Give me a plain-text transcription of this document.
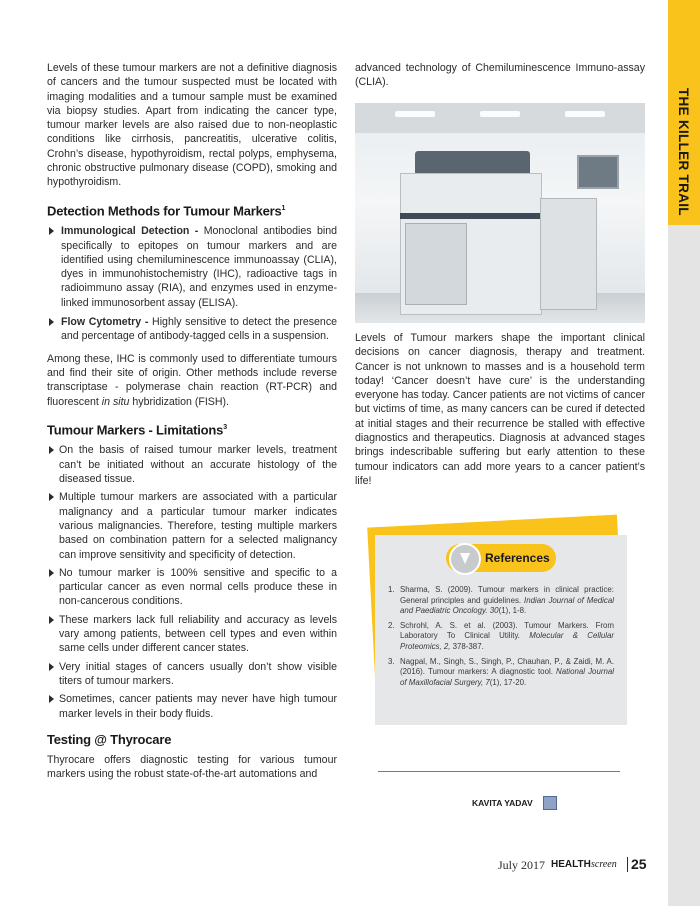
THE KILLER TRAIL

Levels of these tumour markers are not a definitive diagnosis of cancers and the tumour suspected must be located with imaging modalities and a tumour sample must be examined via biopsy studies. Apart from indicating the cancer type, tumour marker levels are also raised due to non-neoplastic conditions like cirrhosis, pancreatitis, ulcerative colitis, Crohn’s disease, hypothyroidism, rectal polyps, emphysema, chronic obstructive pulmonary disease (COPD), smoking and hypothyroidism.

Detection Methods for Tumour Markers$^1$
Immunological Detection - Monoclonal antibodies bind specifically to epitopes on tumour markers and are identified using chemiluminescence immunoassay (CLIA), dyes in immunohistochemistry (IHC), radioactive tags in radioimmuno assay (RIA), and enzymes used in enzyme-linked immunosorbent assay (ELISA).
Flow Cytometry - Highly sensitive to detect the presence and percentage of antibody-tagged cells in a suspension.

Among these, IHC is commonly used to differentiate tumours and find their site of origin. Other methods include reverse transcriptase - polymerase chain reaction (RT-PCR) and fluorescent in situ hybridization (FISH).

Tumour Markers - Limitations$^3$
On the basis of raised tumour marker levels, treatment can’t be initiated without an accurate histology of the diseased tissue.
Multiple tumour markers are associated with a particular malignancy and a particular tumour marker indicates various malignancies. Therefore, testing multiple markers based on combination pattern for a selected malignancy can improve sensitivity and specificity of detection.
No tumour marker is 100% sensitive and specific to a particular cancer as even normal cells produce these in non-cancerous conditions.
These markers lack full reliability and accuracy as levels vary among patients, between cell types and even within same cells under different cancer states.
Very initial stages of cancers usually don’t show visible titers of tumour markers.
Sometimes, cancer patients may never have high tumour marker levels in their body fluids.
Testing @ Thyrocare

Thyrocare offers diagnostic testing for various tumour markers using the robust state-of-the-art automations and

advanced technology of Chemiluminescence Immuno-assay (CLIA).

Levels of Tumour markers shape the important clinical decisions on cancer diagnosis, therapy and treatment. Cancer is not unknown to masses and is a household term today! ‘Cancer doesn’t have cure’ is the understanding everyone has today. Cancer patients are not victims of cancer but victims of time, as many cancers can be cured if detected at initial stages and their recurrence be stalled with effective diagnostics and therapeutics. Diagnosis at advanced stages brings indescribable suffering but early attention to these tumour indicators can add more years to a cancer patient’s life!

References
1. Sharma, S. (2009). Tumour markers in clinical practice: General principles and guidelines. Indian Journal of Medical and Paediatric Oncology. 30(1), 1-8.
2. Schrohl, A. S. et al. (2003). Tumour Markers. From Laboratory To Clinical Utility. Molecular & Cellular Proteomics, 2, 378-387.
3. Nagpal, M., Singh, S., Singh, P., Chauhan, P., & Zaidi, M. A. (2016). Tumour markers: A diagnostic tool. National Journal of Maxillofacial Surgery, 7(1), 17-20.
KAVITA YADAV
July 2017 HEALTH screen 25
